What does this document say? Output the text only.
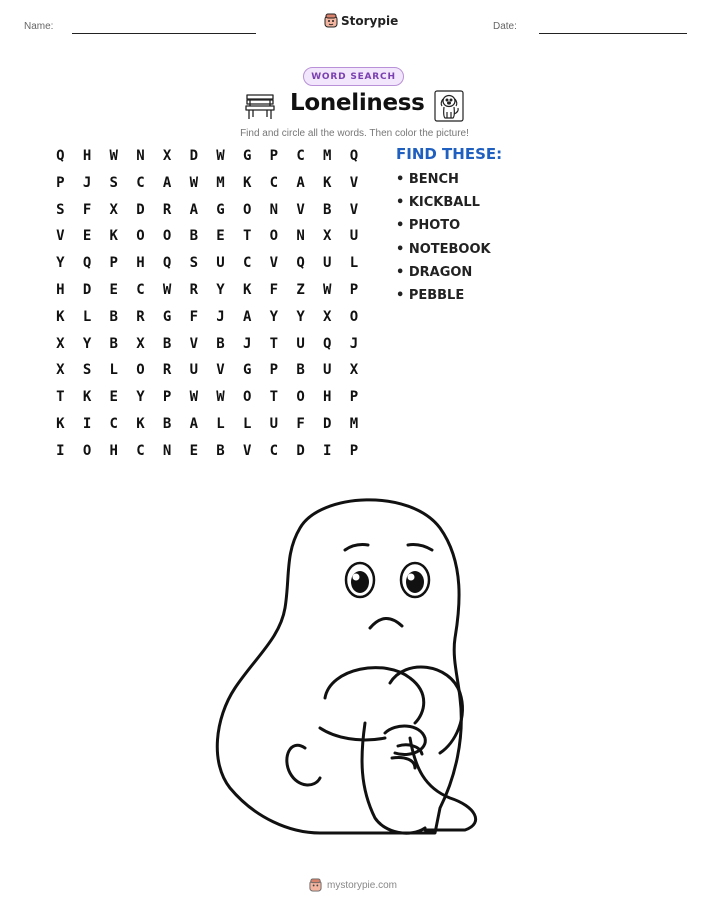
Name:	Storypie	Date:
WORD SEARCH
Loneliness
Find and circle all the words. Then color the picture!
Q	H	W	N	X	D	W	G	P	C	M	Q
P	J	S	C	A	W	M	K	C	A	K	V
S	F	X	D	R	A	G	O	N	V	B	V
V	E	K	O	O	B	E	T	O	N	X	U
Y	Q	P	H	Q	S	U	C	V	Q	U	L
H	D	E	C	W	R	Y	K	F	Z	W	P
K	L	B	R	G	F	J	A	Y	Y	X	O
X	Y	B	X	B	V	B	J	T	U	Q	J
X	S	L	O	R	U	V	G	P	B	U	X
T	K	E	Y	P	W	W	O	T	O	H	P
K	I	C	K	B	A	L	L	U	F	D	M
I	O	H	C	N	E	B	V	C	D	I	P
FIND THESE:
• BENCH
• KICKBALL
• PHOTO
• NOTEBOOK
• DRAGON
• PEBBLE
mystorypie.com
